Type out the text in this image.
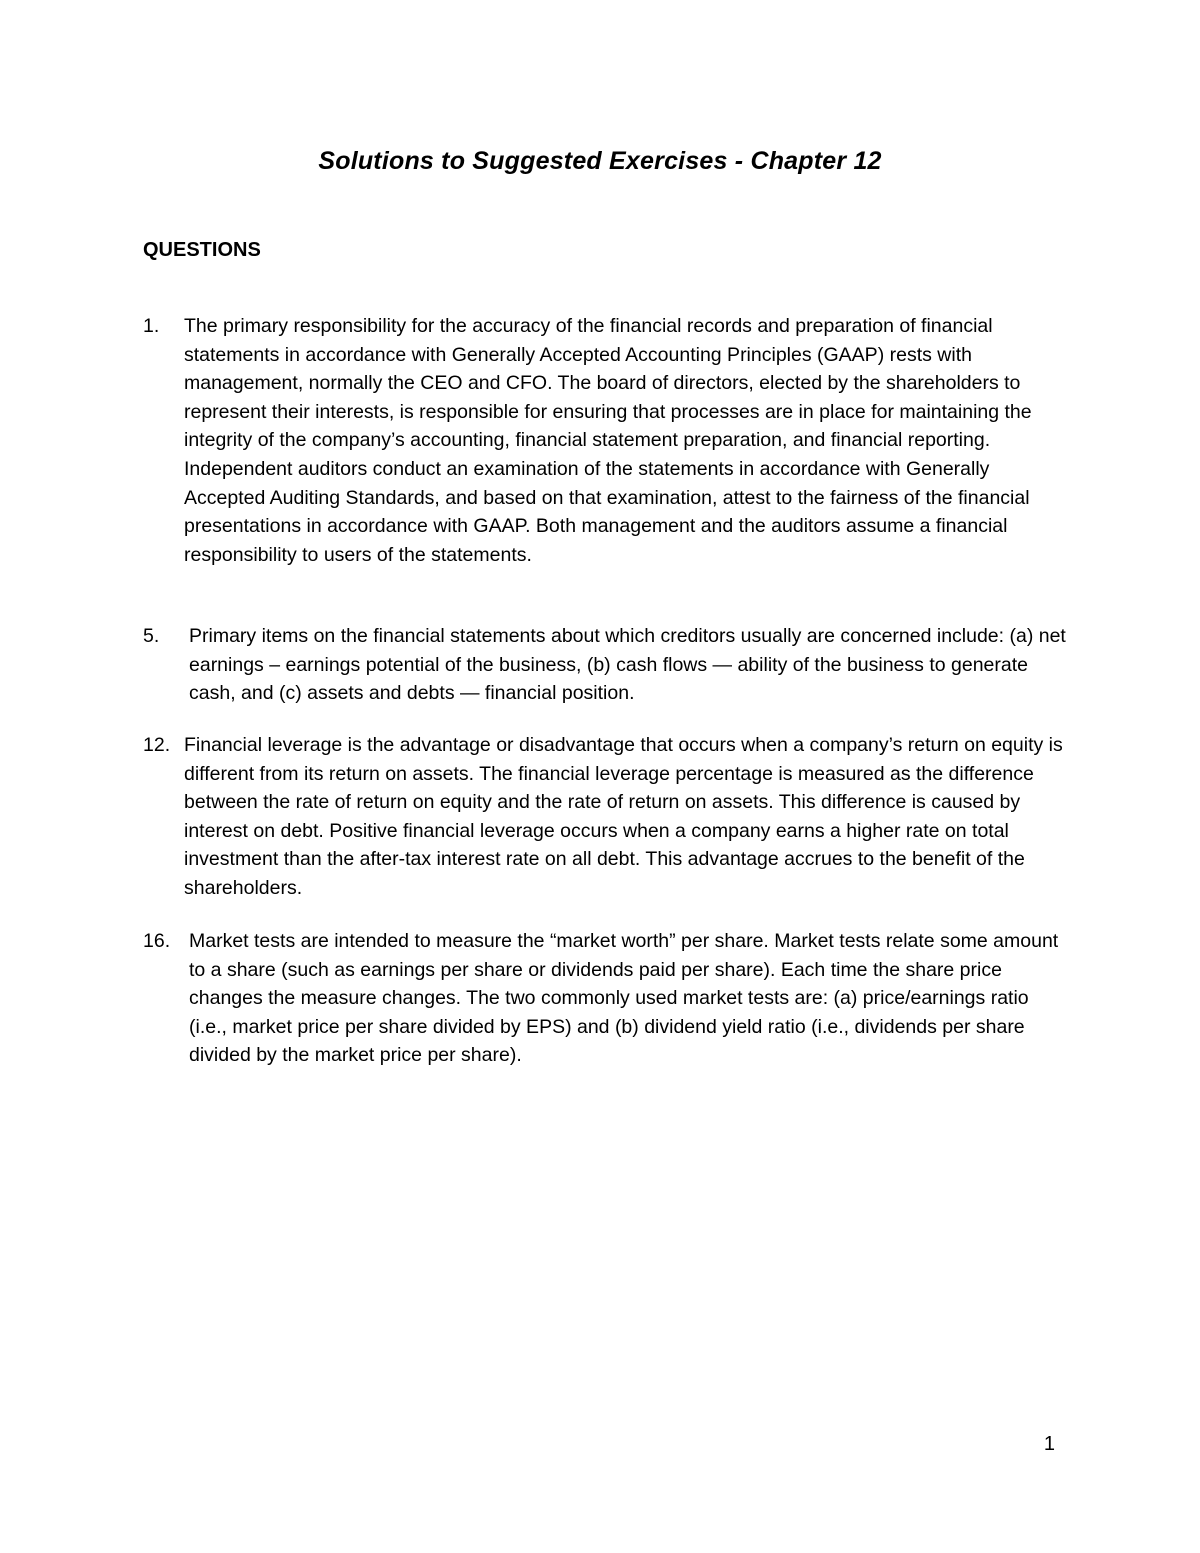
Solutions to Suggested Exercises - Chapter 12
QUESTIONS
1. The primary responsibility for the accuracy of the financial records and preparation of financial statements in accordance with Generally Accepted Accounting Principles (GAAP) rests with management, normally the CEO and CFO. The board of directors, elected by the shareholders to represent their interests, is responsible for ensuring that processes are in place for maintaining the integrity of the company’s accounting, financial statement preparation, and financial reporting. Independent auditors conduct an examination of the statements in accordance with Generally Accepted Auditing Standards, and based on that examination, attest to the fairness of the financial presentations in accordance with GAAP. Both management and the auditors assume a financial responsibility to users of the statements.
5. Primary items on the financial statements about which creditors usually are concerned include: (a) net earnings – earnings potential of the business, (b) cash flows — ability of the business to generate cash, and (c) assets and debts — financial position.
12. Financial leverage is the advantage or disadvantage that occurs when a company’s return on equity is different from its return on assets. The financial leverage percentage is measured as the difference between the rate of return on equity and the rate of return on assets. This difference is caused by interest on debt. Positive financial leverage occurs when a company earns a higher rate on total investment than the after-tax interest rate on all debt. This advantage accrues to the benefit of the shareholders.
16. Market tests are intended to measure the “market worth” per share. Market tests relate some amount to a share (such as earnings per share or dividends paid per share). Each time the share price changes the measure changes. The two commonly used market tests are: (a) price/earnings ratio (i.e., market price per share divided by EPS) and (b) dividend yield ratio (i.e., dividends per share divided by the market price per share).
1
